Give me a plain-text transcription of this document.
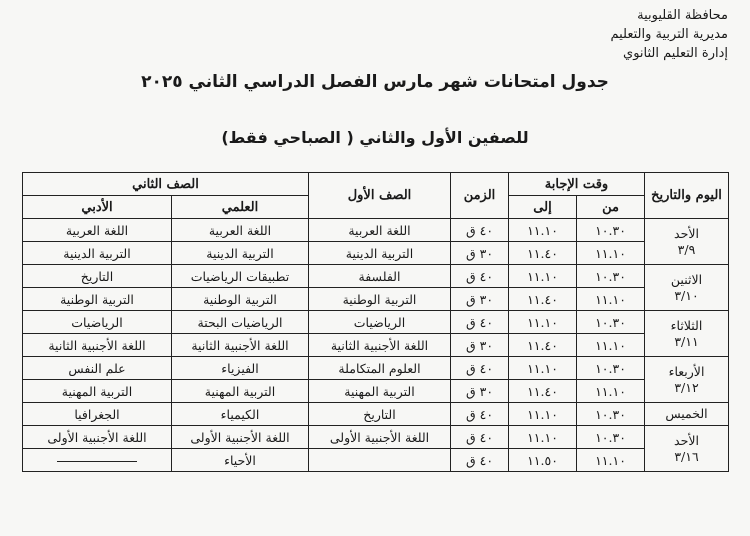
محافظة القليوبية
مديرية التربية والتعليم
إدارة التعليم الثانوي
جدول امتحانات شهر مارس الفصل الدراسي الثاني ٢٠٢٥
للصفين الأول والثاني ( الصباحي فقط)
اليوم والتاريخ	وقت الإجابة		الزمن	الصف الأول	الصف الثاني	
	من	إلى			العلمي	الأدبي

الأحد
٣/٩	١٠.٣٠	١١.١٠	٤٠ ق	اللغة العربية	اللغة العربية	اللغة العربية
	١١.١٠	١١.٤٠	٣٠ ق	التربية الدينية	التربية الدينية	التربية الدينية

الاثنين
٣/١٠	١٠.٣٠	١١.١٠	٤٠ ق	الفلسفة	تطبيقات الرياضيات	التاريخ
	١١.١٠	١١.٤٠	٣٠ ق	التربية الوطنية	التربية الوطنية	التربية الوطنية

الثلاثاء
٣/١١	١٠.٣٠	١١.١٠	٤٠ ق	الرياضيات	الرياضيات البحتة	الرياضيات
	١١.١٠	١١.٤٠	٣٠ ق	اللغة الأجنبية الثانية	اللغة الأجنبية الثانية	اللغة الأجنبية الثانية

الأربعاء
٣/١٢	١٠.٣٠	١١.١٠	٤٠ ق	العلوم المتكاملة	الفيزياء	علم النفس
	١١.١٠	١١.٤٠	٣٠ ق	التربية المهنية	التربية المهنية	التربية المهنية

الخميس	١٠.٣٠	١١.١٠	٤٠ ق	التاريخ	الكيمياء	الجغرافيا

الأحد
٣/١٦	١٠.٣٠	١١.١٠	٤٠ ق	اللغة الأجنبية الأولى	اللغة الأجنبية الأولى	اللغة الأجنبية الأولى
	١١.١٠	١١.٥٠	٤٠ ق		الأحياء	
